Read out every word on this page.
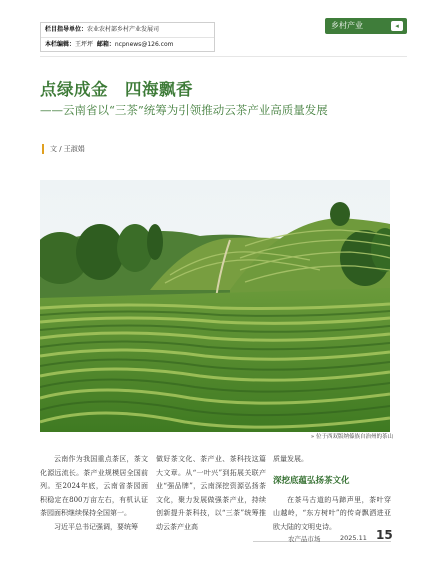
栏目指导单位：农业农村部乡村产业发展司
本栏编辑：王坪坪 邮箱：ncpnews@126.com
乡村产业	◂
点绿成金　四海飘香
——云南省以“三茶”统筹为引领推动云茶产业高质量发展
文 / 王淑娟
» 位于西双版纳傣族自治州的茶山

云南作为我国重点茶区，茶文化源远流长。茶产业规模居全国前列。至2024年底，云南省茶园面积稳定在800万亩左右，有机认证茶园面积继续保持全国第一。

习近平总书记强调，要统筹

做好茶文化、茶产业、茶科技这篇大文章。从“一叶兴”到拓展关联产业“强品牌”，云南深挖资源弘扬茶文化，聚力发展做强茶产业，持续创新提升茶科技，以“三茶”统筹推动云茶产业高

质量发展。

深挖底蕴弘扬茶文化

在茶马古道的马蹄声里，茶叶穿山越岭，“东方树叶”的传奇飘洒进亚欧大陆的文明史诗。

农产品市场	2025.11 15
